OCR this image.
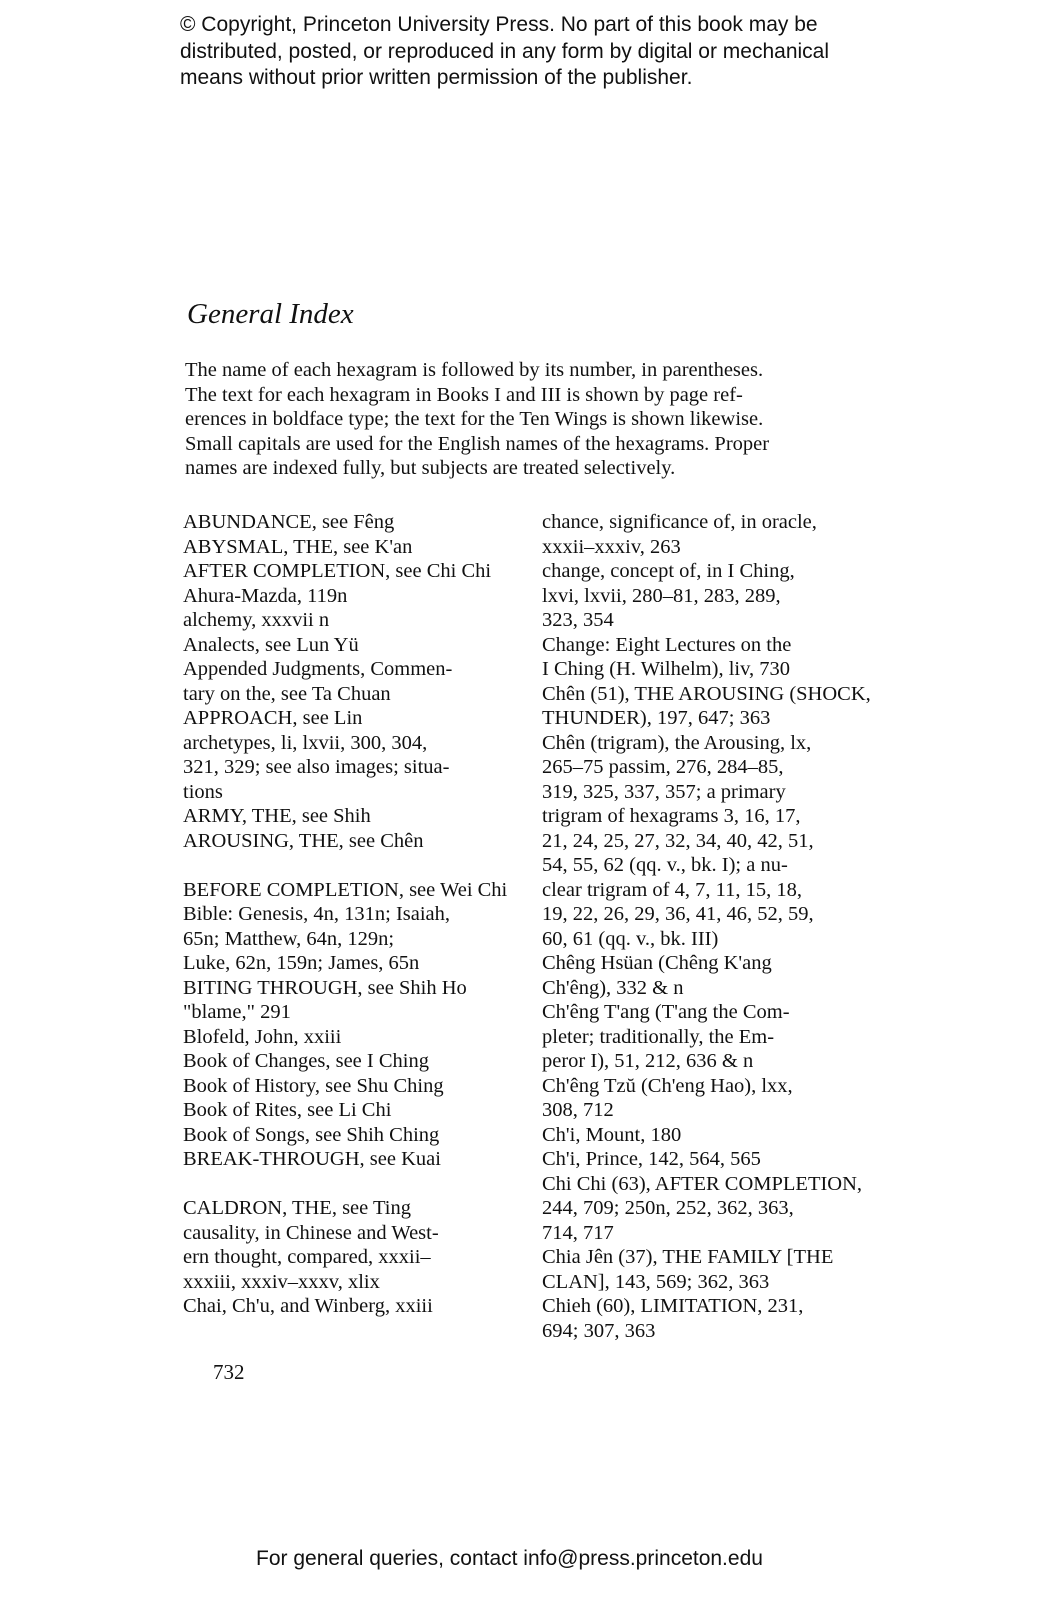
© Copyright, Princeton University Press. No part of this book may be
distributed, posted, or reproduced in any form by digital or mechanical
means without prior written permission of the publisher.
General Index
The name of each hexagram is followed by its number, in parentheses.
The text for each hexagram in Books I and III is shown by page ref-
erences in boldface type; the text for the Ten Wings is shown likewise.
Small capitals are used for the English names of the hexagrams. Proper
names are indexed fully, but subjects are treated selectively.
ABUNDANCE, see Fêng
ABYSMAL, THE, see K'an
AFTER COMPLETION, see Chi Chi
Ahura-Mazda, 119n
alchemy, xxxvii n
Analects, see Lun Yü
Appended Judgments, Commen-
tary on the, see Ta Chuan
APPROACH, see Lin
archetypes, li, lxvii, 300, 304,
321, 329; see also images; situa-
tions
ARMY, THE, see Shih
AROUSING, THE, see Chên
BEFORE COMPLETION, see Wei Chi
Bible: Genesis, 4n, 131n; Isaiah,
65n; Matthew, 64n, 129n;
Luke, 62n, 159n; James, 65n
BITING THROUGH, see Shih Ho
"blame," 291
Blofeld, John, xxiii
Book of Changes, see I Ching
Book of History, see Shu Ching
Book of Rites, see Li Chi
Book of Songs, see Shih Ching
BREAK-THROUGH, see Kuai
CALDRON, THE, see Ting
causality, in Chinese and West-
ern thought, compared, xxxii–
xxxiii, xxxiv–xxxv, xlix
Chai, Ch'u, and Winberg, xxiii
chance, significance of, in oracle,
xxxii–xxxiv, 263
change, concept of, in I Ching,
lxvi, lxvii, 280–81, 283, 289,
323, 354
Change: Eight Lectures on the
I Ching (H. Wilhelm), liv, 730
Chên (51), THE AROUSING (SHOCK,
THUNDER), 197, 647; 363
Chên (trigram), the Arousing, lx,
265–75 passim, 276, 284–85,
319, 325, 337, 357; a primary
trigram of hexagrams 3, 16, 17,
21, 24, 25, 27, 32, 34, 40, 42, 51,
54, 55, 62 (qq. v., bk. I); a nu-
clear trigram of 4, 7, 11, 15, 18,
19, 22, 26, 29, 36, 41, 46, 52, 59,
60, 61 (qq. v., bk. III)
Chêng Hsüan (Chêng K'ang
Ch'êng), 332 & n
Ch'êng T'ang (T'ang the Com-
pleter; traditionally, the Em-
peror I), 51, 212, 636 & n
Ch'êng Tzŭ (Ch'eng Hao), lxx,
308, 712
Ch'i, Mount, 180
Ch'i, Prince, 142, 564, 565
Chi Chi (63), AFTER COMPLETION,
244, 709; 250n, 252, 362, 363,
714, 717
Chia Jên (37), THE FAMILY [THE
CLAN], 143, 569; 362, 363
Chieh (60), LIMITATION, 231,
694; 307, 363
732
For general queries, contact info@press.princeton.edu
